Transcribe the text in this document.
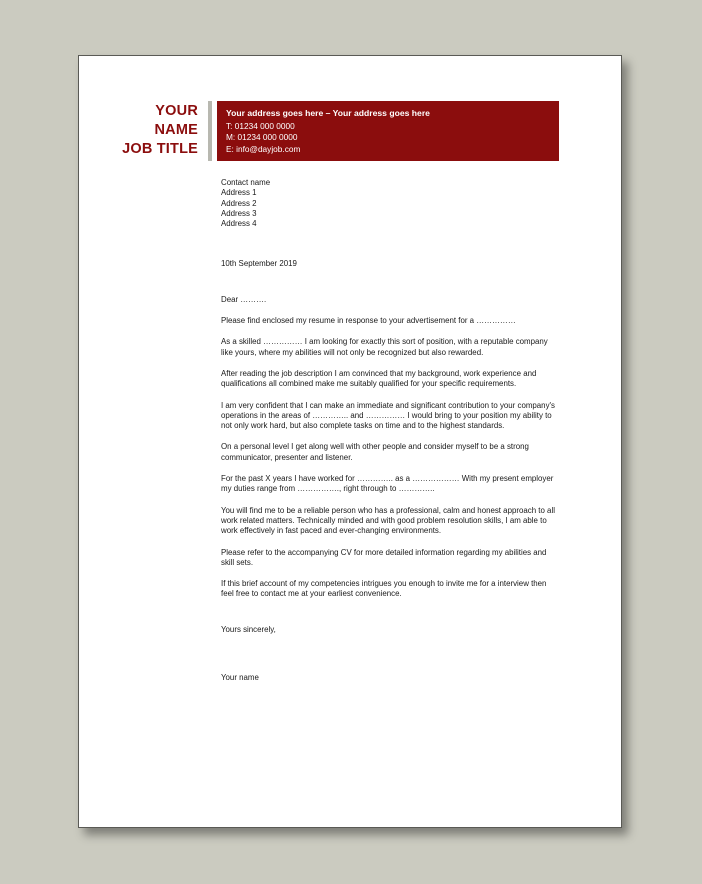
YOUR
NAME
JOB TITLE
Your address goes here – Your address goes here
T: 01234 000 0000
M: 01234 000 0000
E: info@dayjob.com
Contact name
Address 1
Address 2
Address 3
Address 4
10th September 2019
Dear ……….

Please find enclosed my resume in response to your advertisement for a ……………

As a skilled …………… I am looking for exactly this sort of position, with a reputable company like yours, where my abilities will not only be recognized but also rewarded.

After reading the job description I am convinced that my background, work experience and qualifications all combined make me suitably qualified for your specific requirements.

I am very confident that I can make an immediate and significant contribution to your company's operations in the areas of ………….. and …………… I would bring to your position my ability to not only work hard, but also complete tasks on time and to the highest standards.

On a personal level I get along well with other people and consider myself to be a strong communicator, presenter and listener.

For the past X years I have worked for ………….. as a ……………… With my present employer my duties range from ……………., right through to …………..

You will find me to be a reliable person who has a professional, calm and honest approach to all work related matters. Technically minded and with good problem resolution skills, I am able to work effectively in fast paced and ever-changing environments.

Please refer to the accompanying CV for more detailed information regarding my abilities and skill sets.

If this brief account of my competencies intrigues you enough to invite me for a interview then feel free to contact me at your earliest convenience.

Yours sincerely,
Your name
